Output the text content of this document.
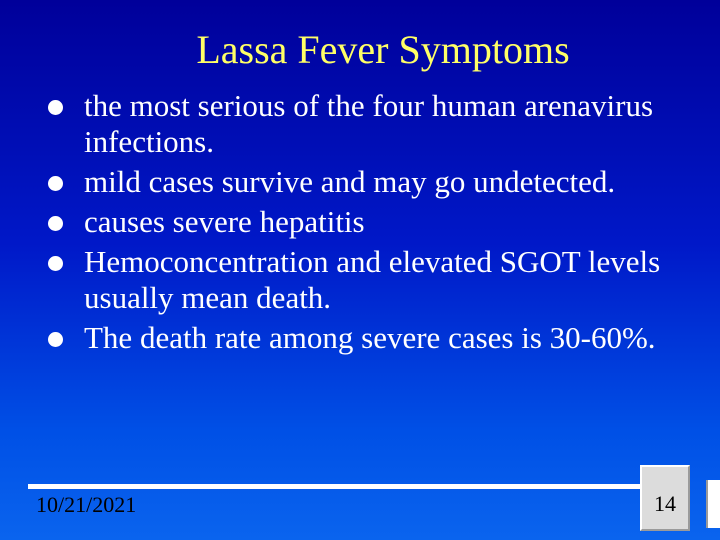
Lassa Fever Symptoms
the most serious of the four human arenavirus infections.
mild cases survive and may go undetected.
causes severe hepatitis
Hemoconcentration and elevated SGOT levels usually mean death.
The death rate among severe cases is 30-60%.
10/21/2021	14
